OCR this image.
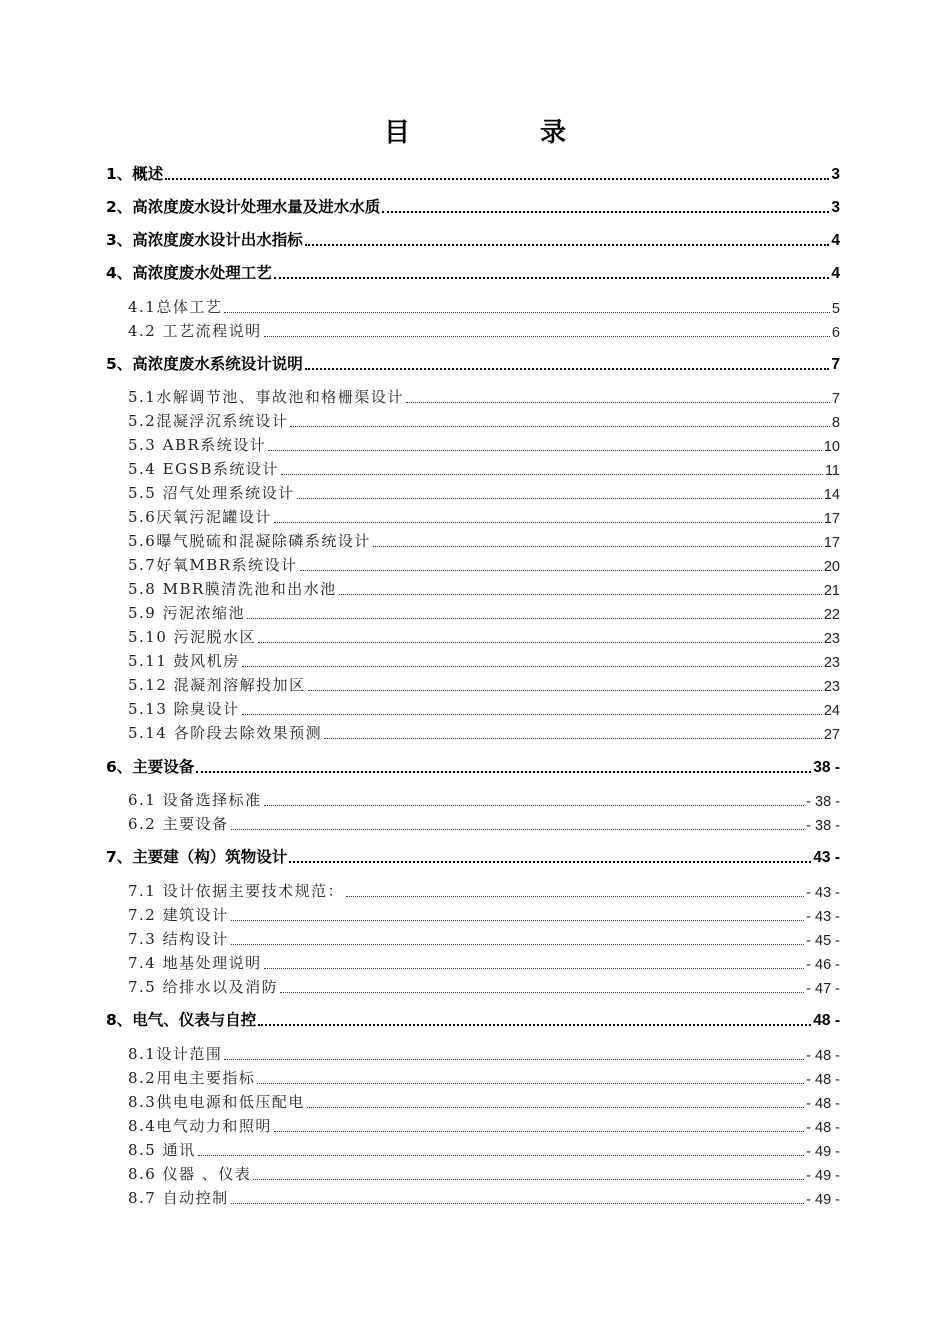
目　录
1、概述	3
2、高浓度废水设计处理水量及进水水质	3
3、高浓度废水设计出水指标	4
4、高浓度废水处理工艺	4
4.1总体工艺	5
4.2 工艺流程说明	6
5、高浓度废水系统设计说明	7
5.1水解调节池、事故池和格栅渠设计	7
5.2混凝浮沉系统设计	8
5.3 ABR系统设计	10
5.4 EGSB系统设计	11
5.5 沼气处理系统设计	14
5.6厌氧污泥罐设计	17
5.6曝气脱硫和混凝除磷系统设计	17
5.7好氧MBR系统设计	20
5.8 MBR膜清洗池和出水池	21
5.9 污泥浓缩池	22
5.10 污泥脱水区	23
5.11 鼓风机房	23
5.12 混凝剂溶解投加区	23
5.13 除臭设计	24
5.14 各阶段去除效果预测	27
6、主要设备	38 -
6.1 设备选择标准	- 38 -
6.2 主要设备	- 38 -
7、主要建（构）筑物设计	43 -
7.1 设计依据主要技术规范：	- 43 -
7.2 建筑设计	- 43 -
7.3 结构设计	- 45 -
7.4 地基处理说明	- 46 -
7.5 给排水以及消防	- 47 -
8、电气、仪表与自控	48 -
8.1设计范围	- 48 -
8.2用电主要指标	- 48 -
8.3供电电源和低压配电	- 48 -
8.4电气动力和照明	- 48 -
8.5 通讯	- 49 -
8.6 仪器 、仪表	- 49 -
8.7 自动控制	- 49 -
